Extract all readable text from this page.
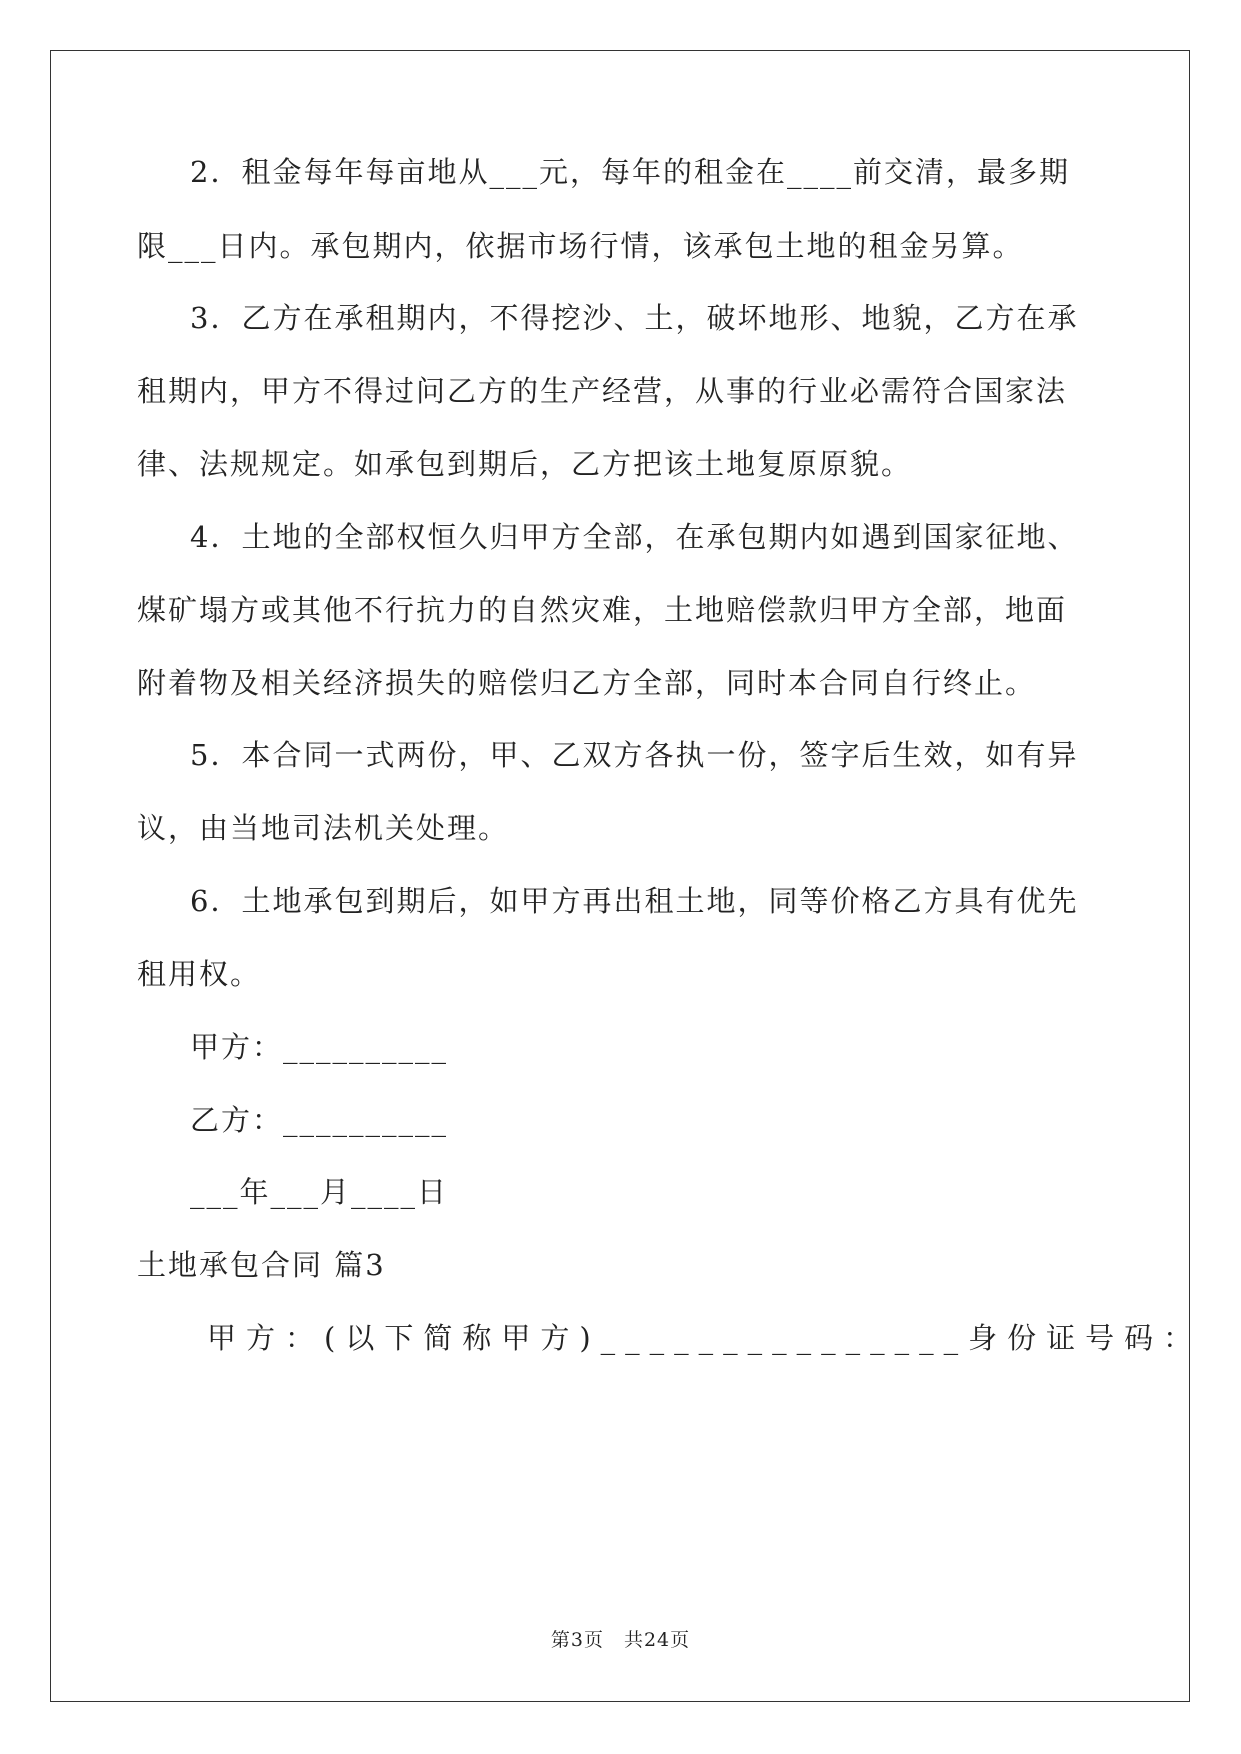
2．租金每年每亩地从___元，每年的租金在____前交清，最多期
限___日内。承包期内，依据市场行情，该承包土地的租金另算。
3．乙方在承租期内，不得挖沙、土，破坏地形、地貌，乙方在承
租期内，甲方不得过问乙方的生产经营，从事的行业必需符合国家法
律、法规规定。如承包到期后，乙方把该土地复原原貌。
4．土地的全部权恒久归甲方全部，在承包期内如遇到国家征地、
煤矿塌方或其他不行抗力的自然灾难，土地赔偿款归甲方全部，地面
附着物及相关经济损失的赔偿归乙方全部，同时本合同自行终止。
5．本合同一式两份，甲、乙双方各执一份，签字后生效，如有异
议，由当地司法机关处理。
6．土地承包到期后，如甲方再出租土地，同等价格乙方具有优先
租用权。
甲方：__________
乙方：__________
___年___月____日
土地承包合同 篇3
甲方：(以下简称甲方)_______________身份证号码：
第3页　共24页
